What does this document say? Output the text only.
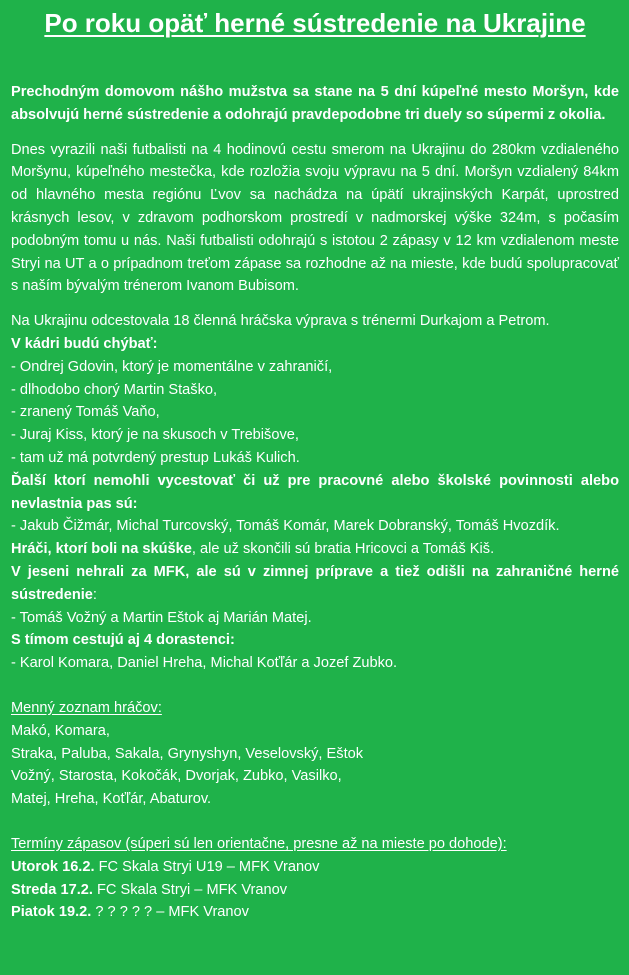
Po roku opäť herné sústredenie na Ukrajine

Prechodným domovom nášho mužstva sa stane na 5 dní kúpeľné mesto Moršyn, kde absolvujú herné sústredenie a odohrajú pravdepodobne tri duely so súpermi z okolia.

Dnes vyrazili naši futbalisti na 4 hodinovú cestu smerom na Ukrajinu do 280km vzdialeného Moršynu, kúpeľného mestečka, kde rozložia svoju výpravu na 5 dní. Moršyn vzdialený 84km od hlavného mesta regiónu Ľvov sa nachádza na úpätí ukrajinských Karpát, uprostred krásnych lesov, v zdravom podhorskom prostredí v nadmorskej výške 324m, s počasím podobným tomu u nás. Naši futbalisti odohrajú s istotou 2 zápasy v 12 km vzdialenom meste Stryi na UT a o prípadnom treťom zápase sa rozhodne až na mieste, kde budú spolupracovať s naším bývalým trénerom Ivanom Bubisom.

Na Ukrajinu odcestovala 18 členná hráčska výprava s trénermi Durkajom a Petrom.
V kádri budú chýbať:
- Ondrej Gdovin, ktorý je momentálne v zahraničí,
- dlhodobo chorý Martin Staško,
- zranený Tomáš Vaňo,
- Juraj Kiss, ktorý je na skusoch v Trebišove,
- tam už má potvrdený prestup Lukáš Kulich.
Ďalší ktorí nemohli vycestovať či už pre pracovné alebo školské povinnosti alebo nevlastnia pas sú:
- Jakub Čižmár, Michal Turcovský, Tomáš Komár, Marek Dobranský, Tomáš Hvozdík.
Hráči, ktorí boli na skúške, ale už skončili sú bratia Hricovci a Tomáš Kiš.
V jeseni nehrali za MFK, ale sú v zimnej príprave a tiež odišli na zahraničné herné sústredenie:
- Tomáš Vožný a Martin Eštok aj Marián Matej.
S tímom cestujú aj 4 dorastenci:
- Karol Komara, Daniel Hreha, Michal Koťľár a Jozef Zubko.
Menný zoznam hráčov:
Makó, Komara,
Straka, Paluba, Sakala, Grynyshyn, Veselovský, Eštok
Vožný, Starosta, Kokočák, Dvorjak, Zubko, Vasilko,
Matej, Hreha, Koťľár, Abaturov.
Termíny zápasov (súperi sú len orientačne, presne až na mieste po dohode):
Utorok 16.2. FC Skala Stryi U19 – MFK Vranov
Streda 17.2. FC Skala Stryi – MFK Vranov
Piatok 19.2. ? ? ? ? ? – MFK Vranov
